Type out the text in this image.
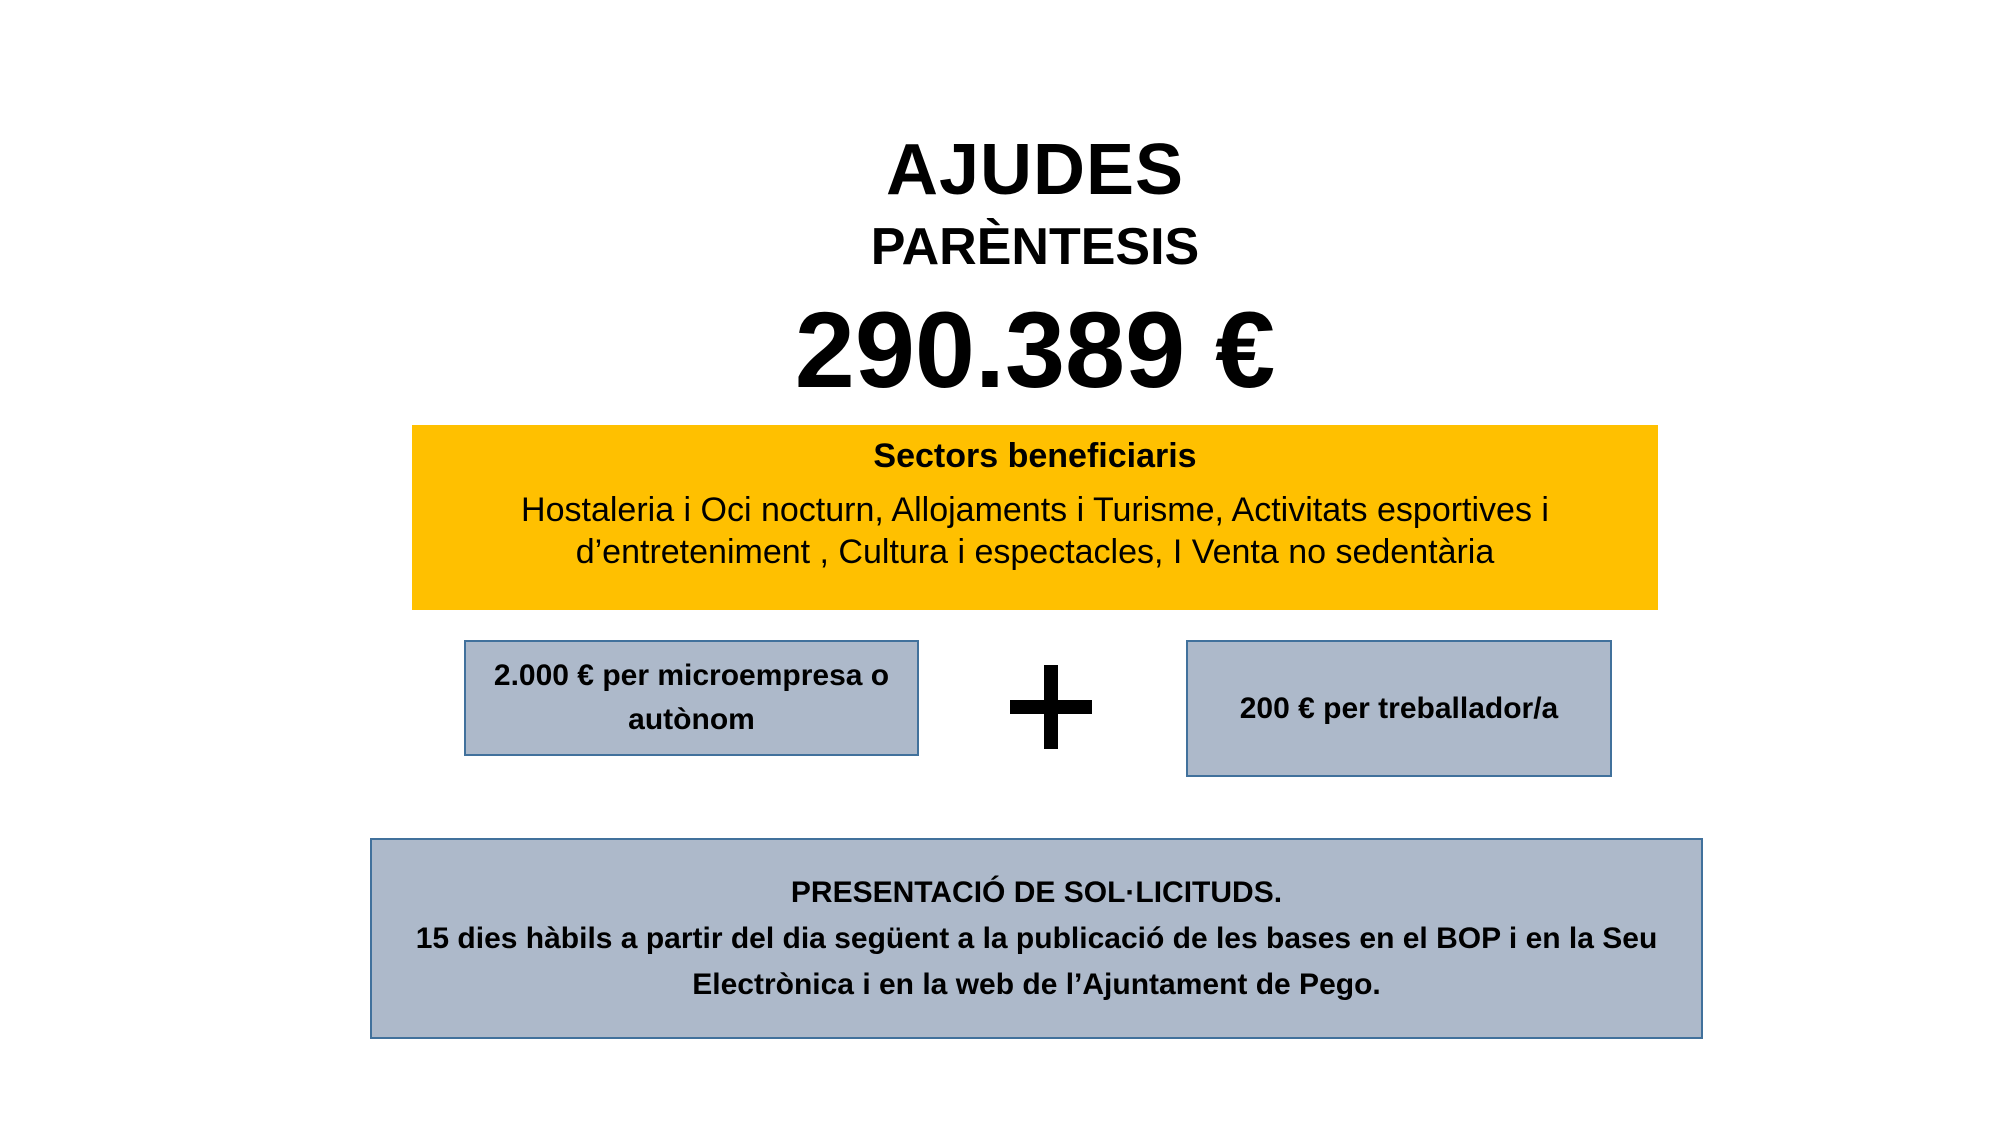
AJUDES
PARÈNTESIS
290.389 €
Sectors beneficiaris
Hostaleria i Oci nocturn, Allojaments i Turisme, Activitats esportives i d’entreteniment , Cultura i espectacles, I Venta no sedentària
2.000 € per microempresa o autònom	200 € per treballador/a
PRESENTACIÓ DE SOL·LICITUDS.
15 dies hàbils a partir del dia següent a la publicació de les bases en el BOP i en la Seu Electrònica i en la web de l’Ajuntament de Pego.
